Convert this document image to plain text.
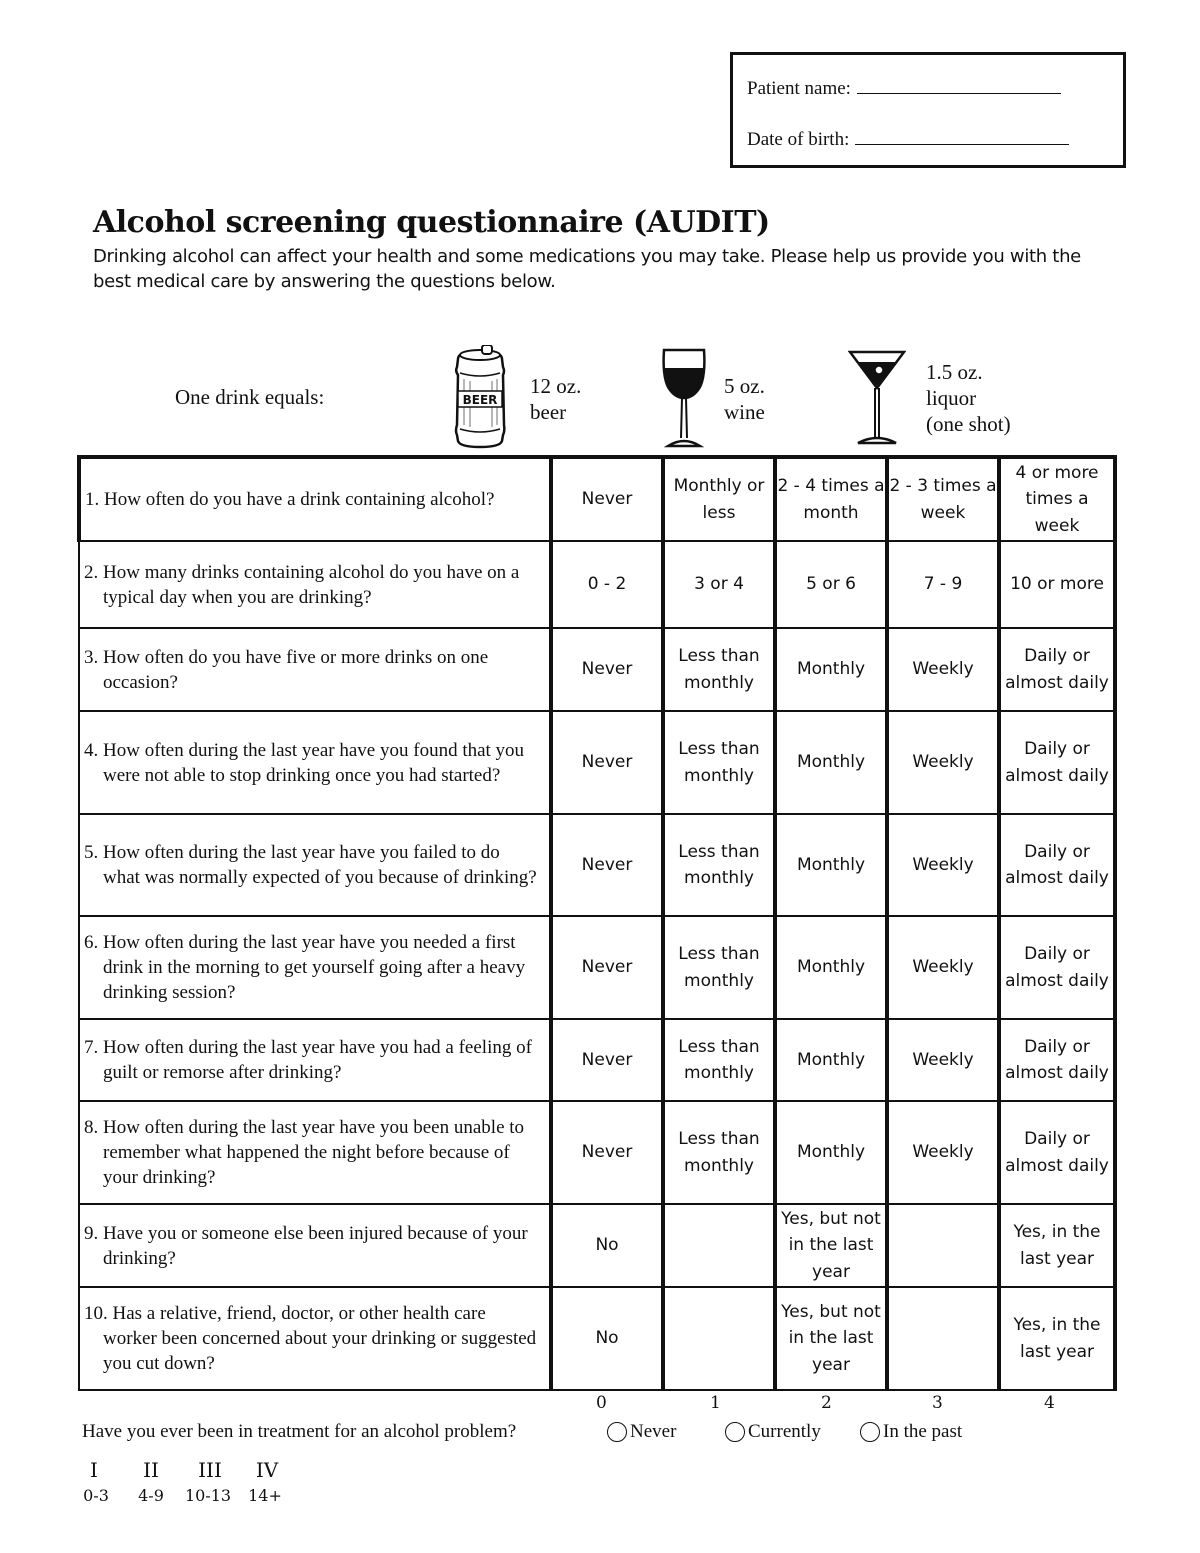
Patient name:
Date of birth:
Alcohol screening questionnaire (AUDIT)

Drinking alcohol can affect your health and some medications you may take. Please help us provide you with the best medical care by answering the questions below.

One drink equals:	BEER
12 oz.
beer
5 oz.
wine
1.5 oz.
liquor
(one shot)
1. How often do you have a drink containing alcohol?	Never	Monthly or less	2 - 4 times a month	2 - 3 times a week	4 or more times a week

2. How many drinks containing alcohol do you have on a typical day when you are drinking?	0 - 2	3 or 4	5 or 6	7 - 9	10 or more

3. How often do you have five or more drinks on one occasion?	Never	Less than monthly	Monthly	Weekly	Daily or almost daily

4. How often during the last year have you found that you were not able to stop drinking once you had started?	Never	Less than monthly	Monthly	Weekly	Daily or almost daily

5. How often during the last year have you failed to do what was normally expected of you because of drinking?	Never	Less than monthly	Monthly	Weekly	Daily or almost daily

6. How often during the last year have you needed a first drink in the morning to get yourself going after a heavy drinking session?	Never	Less than monthly	Monthly	Weekly	Daily or almost daily

7. How often during the last year have you had a feeling of guilt or remorse after drinking?	Never	Less than monthly	Monthly	Weekly	Daily or almost daily

8. How often during the last year have you been unable to remember what happened the night before because of your drinking?	Never	Less than monthly	Monthly	Weekly	Daily or almost daily

9. Have you or someone else been injured because of your drinking?	No		Yes, but not in the last year		Yes, in the last year

10. Has a relative, friend, doctor, or other health care worker been concerned about your drinking or suggested you cut down?	No		Yes, but not in the last year		Yes, in the last year
0	1	2	3	4
Have you ever been in treatment for an alcohol problem?	Never	Currently	In the past
I
0-3
II
4-9
III
10-13
IV
14+
